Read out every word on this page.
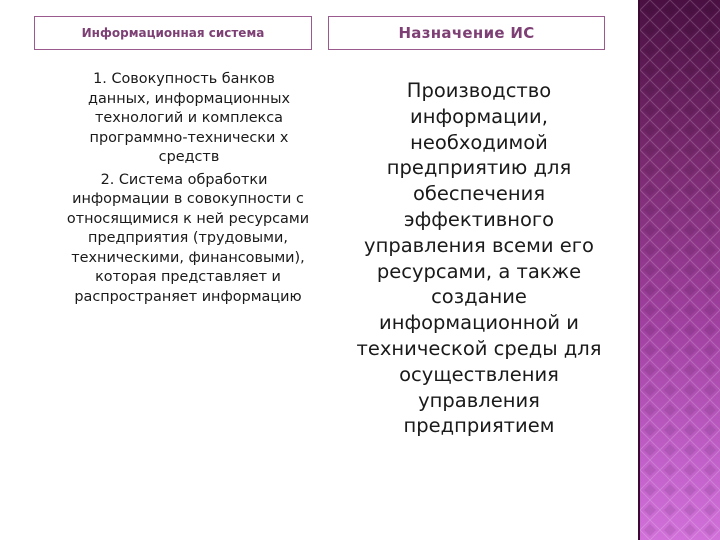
Информационная система	Назначение ИС

1. Совокупность банков

данных, информационных технологий и комплекса программно-технически х средств

2. Система обработки

информации в совокупности с относящимися к ней ресурсами предприятия (трудовыми, техническими, финансовыми), которая представляет и распространяет информацию

Производство информации, необходимой предприятию для обеспечения эффективного управления всеми его ресурсами, а также создание информационной и технической среды для осуществления управления предприятием
